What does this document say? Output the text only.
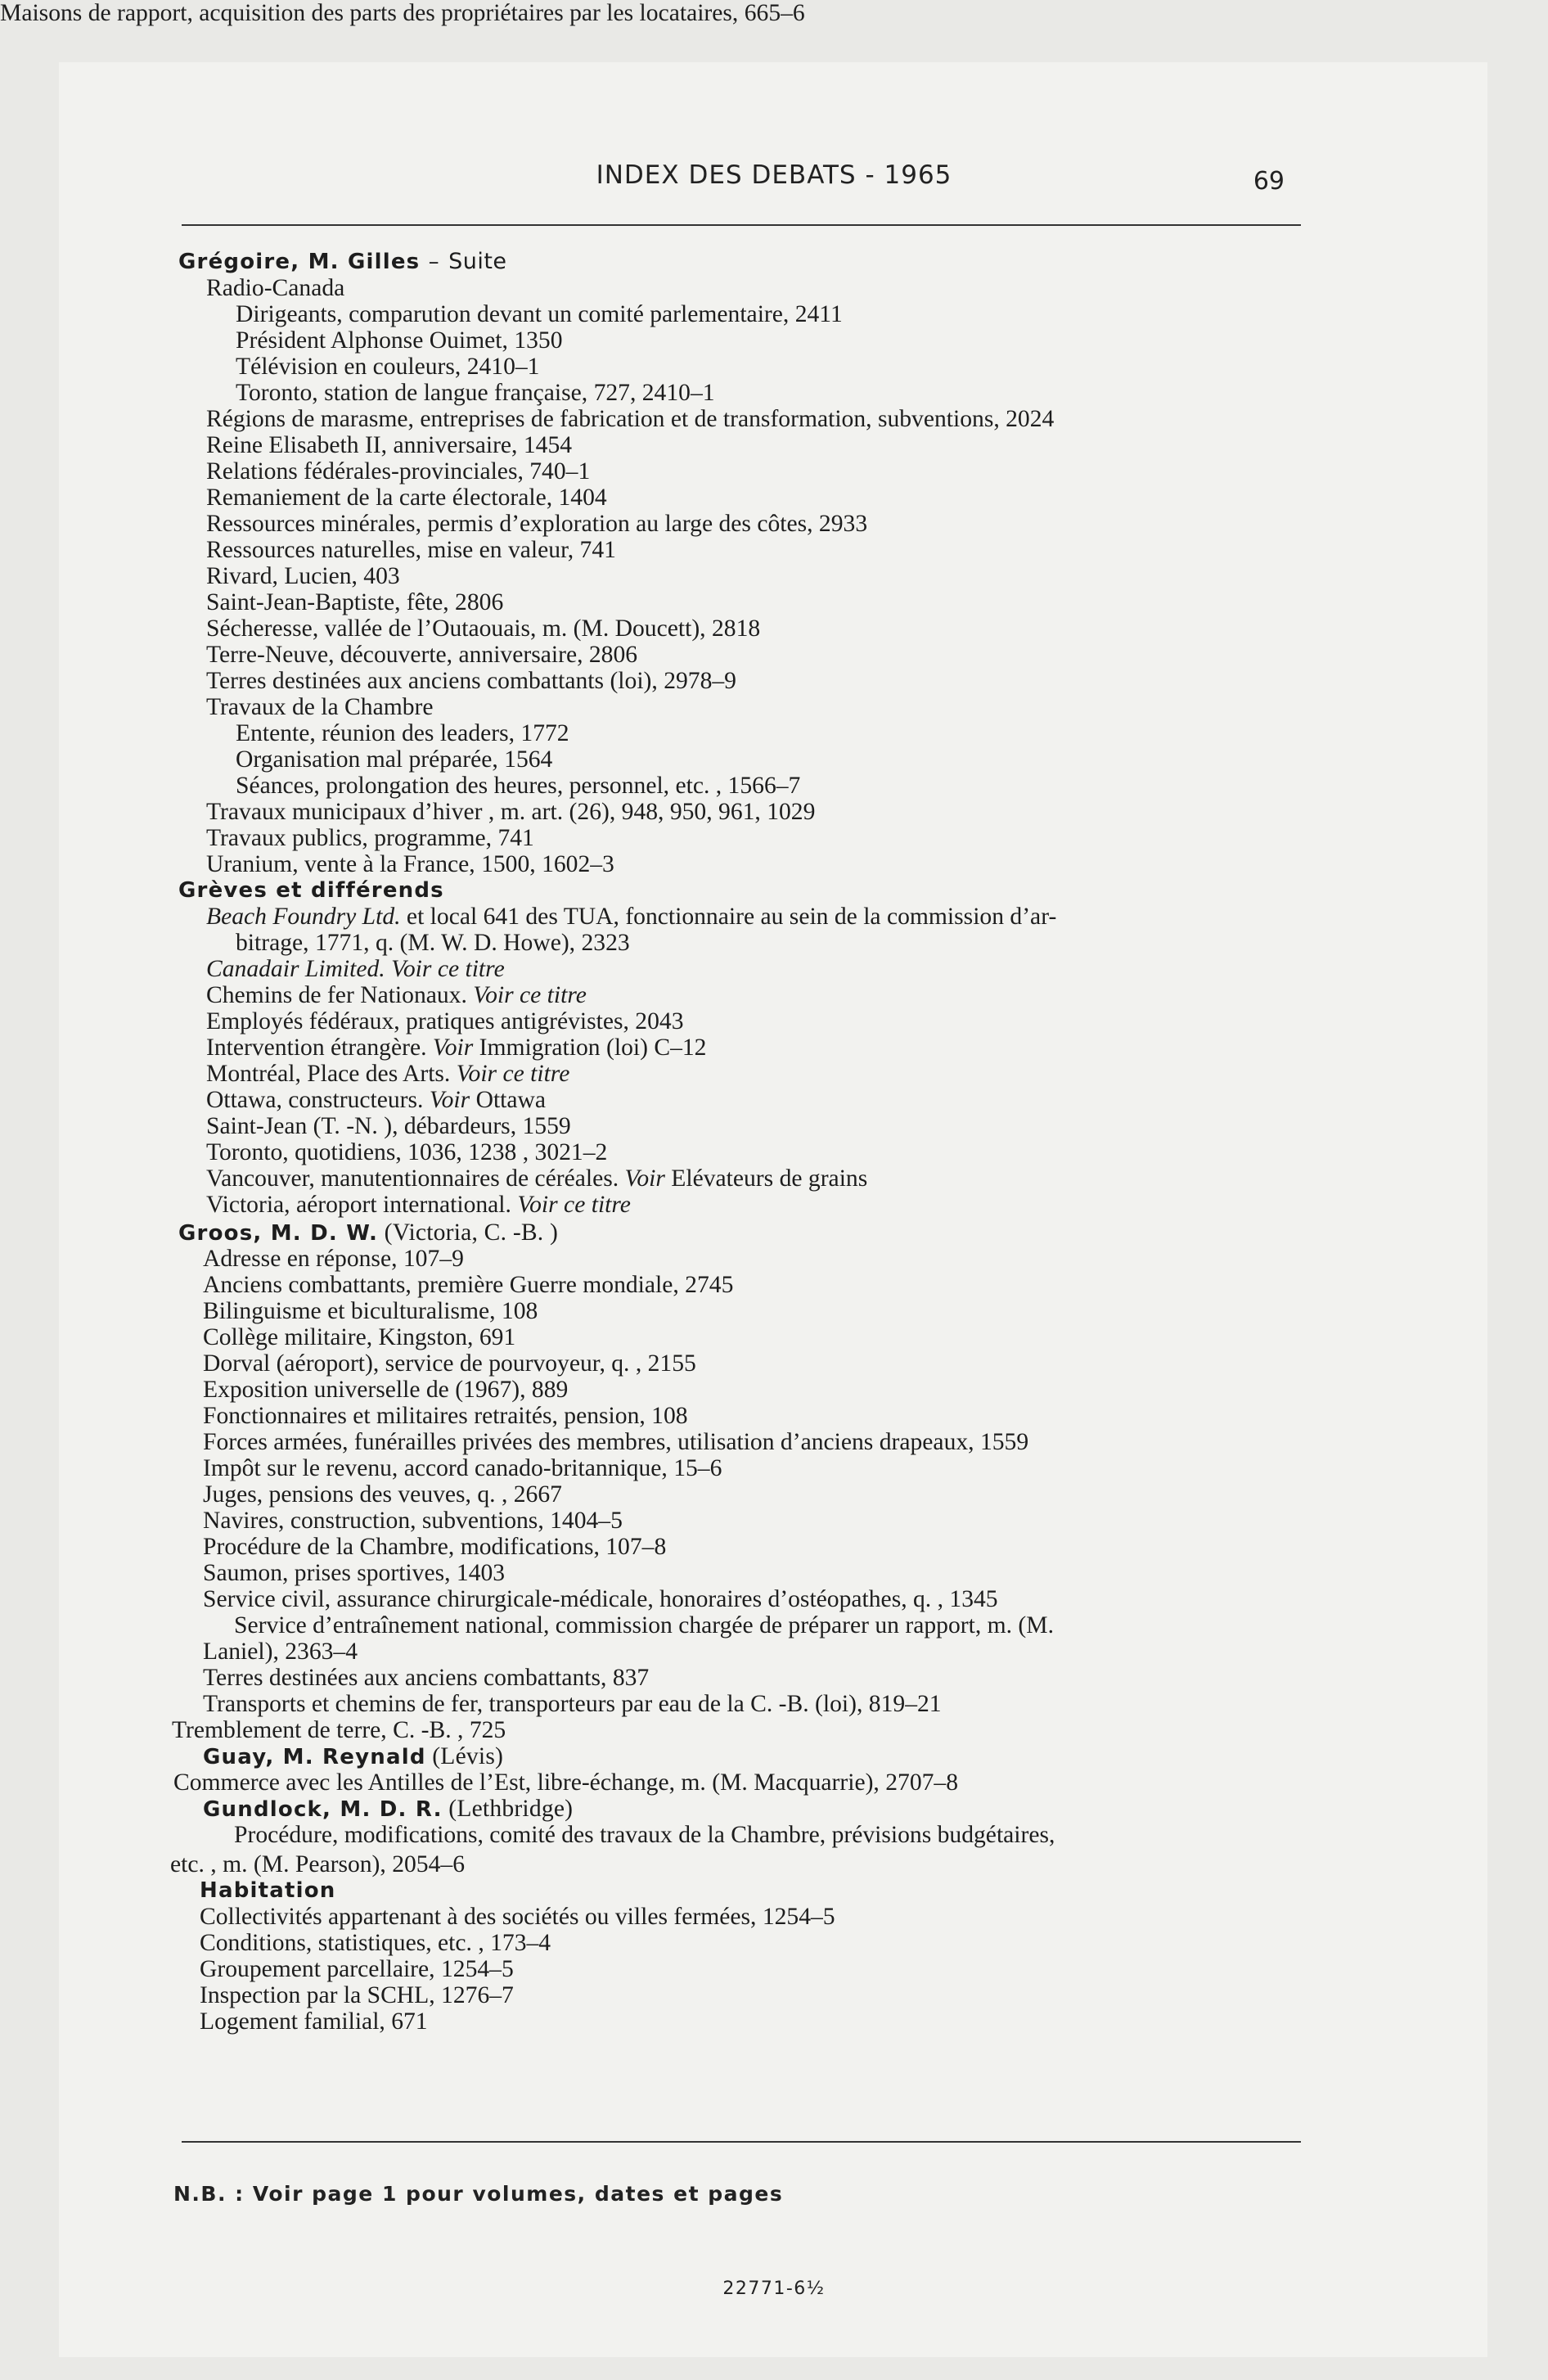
INDEX DES DEBATS - 1965	69
Grégoire, M. Gilles – Suite
Radio-Canada
Dirigeants, comparution devant un comité parlementaire, 2411
Président Alphonse Ouimet, 1350
Télévision en couleurs, 2410–1
Toronto, station de langue française, 727, 2410–1
Régions de marasme, entreprises de fabrication et de transformation, subventions, 2024
Reine Elisabeth II, anniversaire, 1454
Relations fédérales-provinciales, 740–1
Remaniement de la carte électorale, 1404
Ressources minérales, permis d’exploration au large des côtes, 2933
Ressources naturelles, mise en valeur, 741
Rivard, Lucien, 403
Saint-Jean-Baptiste, fête, 2806
Sécheresse, vallée de l’Outaouais, m. (M. Doucett), 2818
Terre-Neuve, découverte, anniversaire, 2806
Terres destinées aux anciens combattants (loi), 2978–9
Travaux de la Chambre
Entente, réunion des leaders, 1772
Organisation mal préparée, 1564
Séances, prolongation des heures, personnel, etc. , 1566–7
Travaux municipaux d’hiver , m. art. (26), 948, 950, 961, 1029
Travaux publics, programme, 741
Uranium, vente à la France, 1500, 1602–3
Grèves et différends
Beach Foundry Ltd. et local 641 des TUA, fonctionnaire au sein de la commission d’ar-
bitrage, 1771, q. (M. W. D. Howe), 2323
Canadair Limited. Voir ce titre
Chemins de fer Nationaux. Voir ce titre
Employés fédéraux, pratiques antigrévistes, 2043
Intervention étrangère. Voir Immigration (loi) C–12
Montréal, Place des Arts. Voir ce titre
Ottawa, constructeurs. Voir Ottawa
Saint-Jean (T. -N. ), débardeurs, 1559
Toronto, quotidiens, 1036, 1238 , 3021–2
Vancouver, manutentionnaires de céréales. Voir Elévateurs de grains
Victoria, aéroport international. Voir ce titre
Groos, M. D. W. (Victoria, C. -B. )
Adresse en réponse, 107–9
Anciens combattants, première Guerre mondiale, 2745
Bilinguisme et biculturalisme, 108
Collège militaire, Kingston, 691
Dorval (aéroport), service de pourvoyeur, q. , 2155
Exposition universelle de (1967), 889
Fonctionnaires et militaires retraités, pension, 108
Forces armées, funérailles privées des membres, utilisation d’anciens drapeaux, 1559
Impôt sur le revenu, accord canado-britannique, 15–6
Juges, pensions des veuves, q. , 2667
Navires, construction, subventions, 1404–5
Procédure de la Chambre, modifications, 107–8
Saumon, prises sportives, 1403
Service civil, assurance chirurgicale-médicale, honoraires d’ostéopathes, q. , 1345
Service d’entraînement national, commission chargée de préparer un rapport, m. (M.
Laniel), 2363–4
Terres destinées aux anciens combattants, 837
Transports et chemins de fer, transporteurs par eau de la C. -B. (loi), 819–21
Tremblement de terre, C. -B. , 725
Guay, M. Reynald (Lévis)
Commerce avec les Antilles de l’Est, libre-échange, m. (M. Macquarrie), 2707–8
Gundlock, M. D. R. (Lethbridge)
Procédure, modifications, comité des travaux de la Chambre, prévisions budgétaires,
etc. , m. (M. Pearson), 2054–6
Habitation
Collectivités appartenant à des sociétés ou villes fermées, 1254–5
Conditions, statistiques, etc. , 173–4
Groupement parcellaire, 1254–5
Inspection par la SCHL, 1276–7
Logement familial, 671
Maisons de rapport, acquisition des parts des propriétaires par les locataires, 665–6
N.B. : Voir page 1 pour volumes, dates et pages
22771-6½
